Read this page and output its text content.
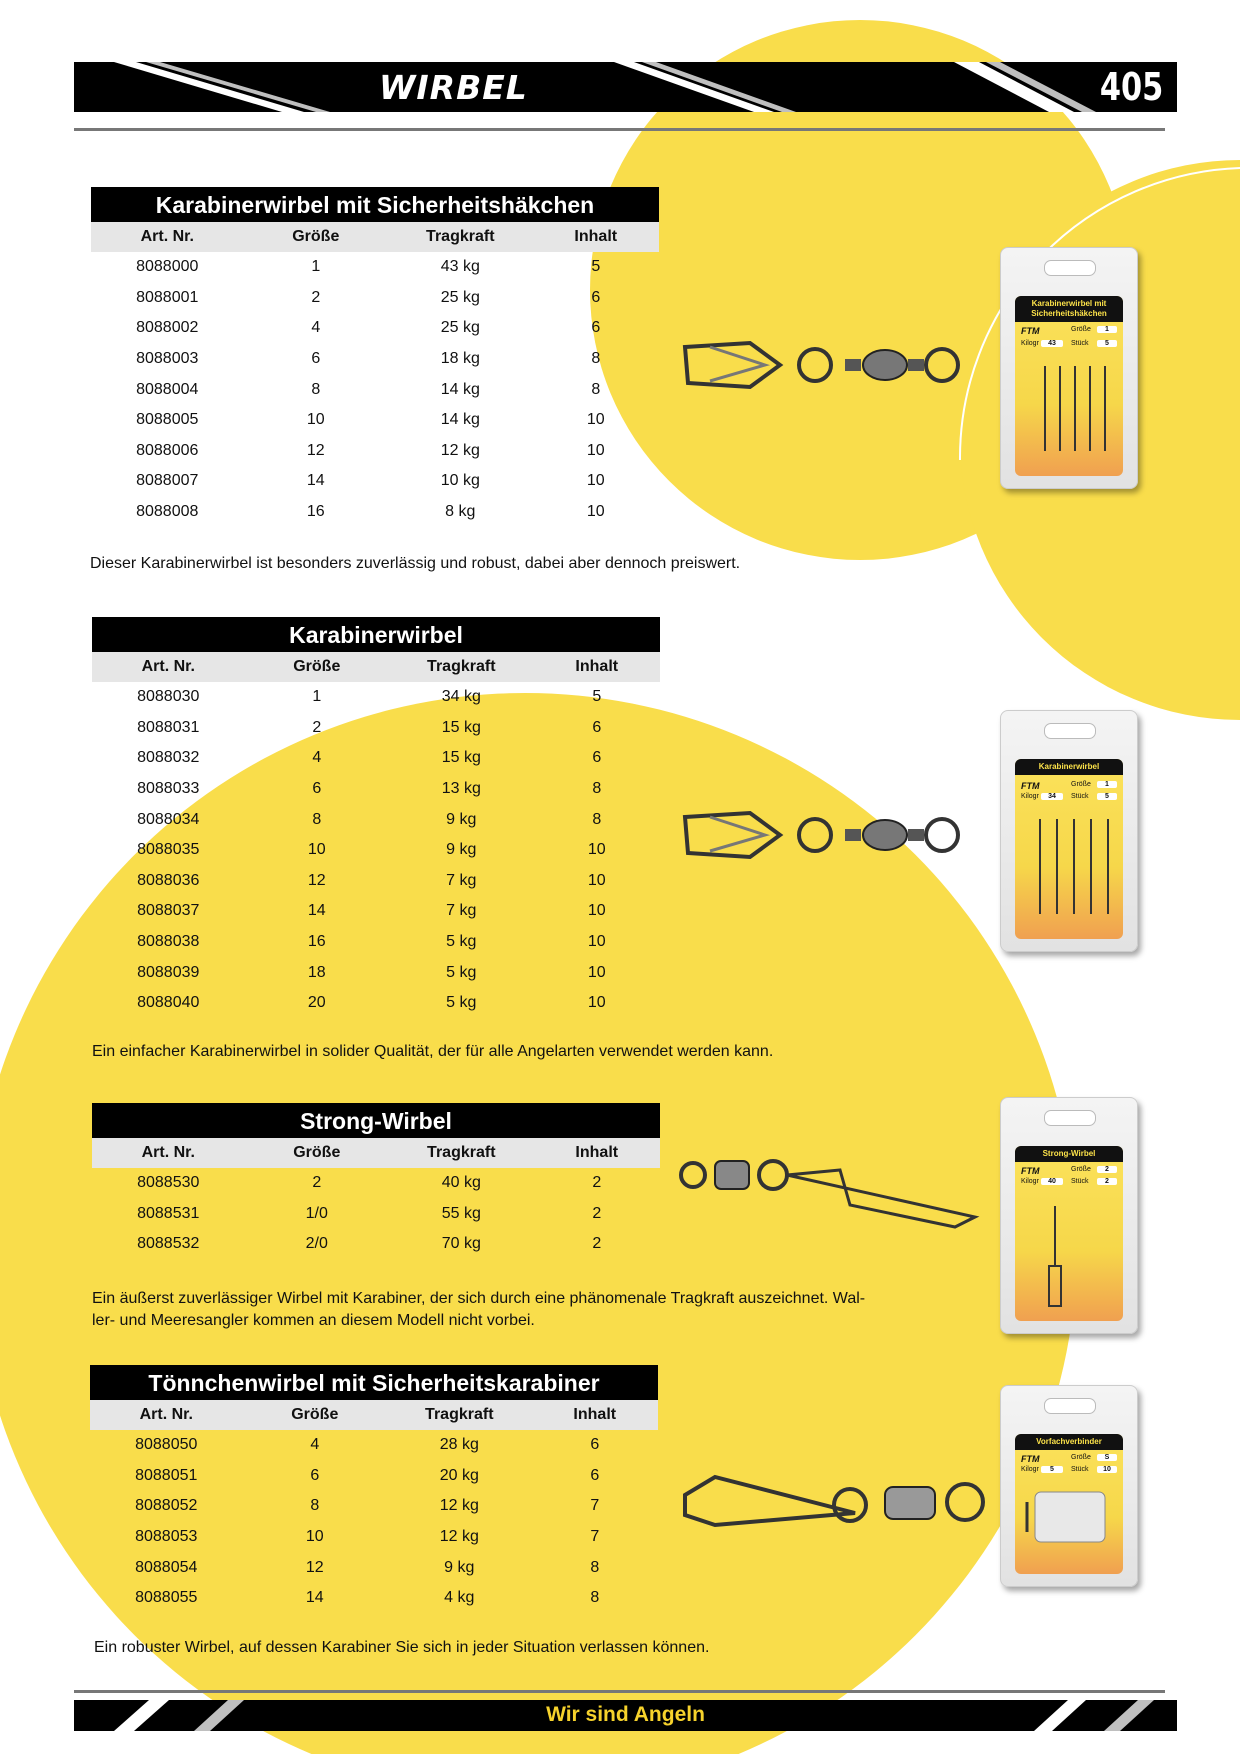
WIRBEL	405
Karabinerwirbel mit Sicherheitshäkchen
Art. Nr.	Größe	Tragkraft	Inhalt
8088000	1	43 kg	5
8088001	2	25 kg	6
8088002	4	25 kg	6
8088003	6	18 kg	8
8088004	8	14 kg	8
8088005	10	14 kg	10
8088006	12	12 kg	10
8088007	14	10 kg	10
8088008	16	8 kg	10
Dieser Karabinerwirbel ist besonders zuverlässig und robust, dabei aber dennoch preiswert.
Karabinerwirbel
Art. Nr.	Größe	Tragkraft	Inhalt
8088030	1	34 kg	5
8088031	2	15 kg	6
8088032	4	15 kg	6
8088033	6	13 kg	8
8088034	8	9 kg	8
8088035	10	9 kg	10
8088036	12	7 kg	10
8088037	14	7 kg	10
8088038	16	5 kg	10
8088039	18	5 kg	10
8088040	20	5 kg	10
Ein einfacher Karabinerwirbel in solider Qualität, der für alle Angelarten verwendet werden kann.
Strong-Wirbel
Art. Nr.	Größe	Tragkraft	Inhalt
8088530	2	40 kg	2
8088531	1/0	55 kg	2
8088532	2/0	70 kg	2
Ein äußerst zuverlässiger Wirbel mit Karabiner, der sich durch eine phänomenale Tragkraft auszeichnet. Wal-
ler- und Meeresangler kommen an diesem Modell nicht vorbei.
Tönnchenwirbel mit Sicherheitskarabiner
Art. Nr.	Größe	Tragkraft	Inhalt
8088050	4	28 kg	6
8088051	6	20 kg	6
8088052	8	12 kg	7
8088053	10	12 kg	7
8088054	12	9 kg	8
8088055	14	4 kg	8
Ein robuster Wirbel, auf dessen Karabiner Sie sich in jeder Situation verlassen können.
Karabinerwirbel mit Sicherheitshäkchen
FTM	Größe	1
Kilogr	43	Stück	5
Karabinerwirbel
FTM	Größe	1
Kilogr	34	Stück	5
Strong-Wirbel
FTM	Größe	2
Kilogr	40	Stück	2
Vorfachverbinder
FTM	Größe	S
Kilogr	5	Stück	10
Wir sind Angeln
